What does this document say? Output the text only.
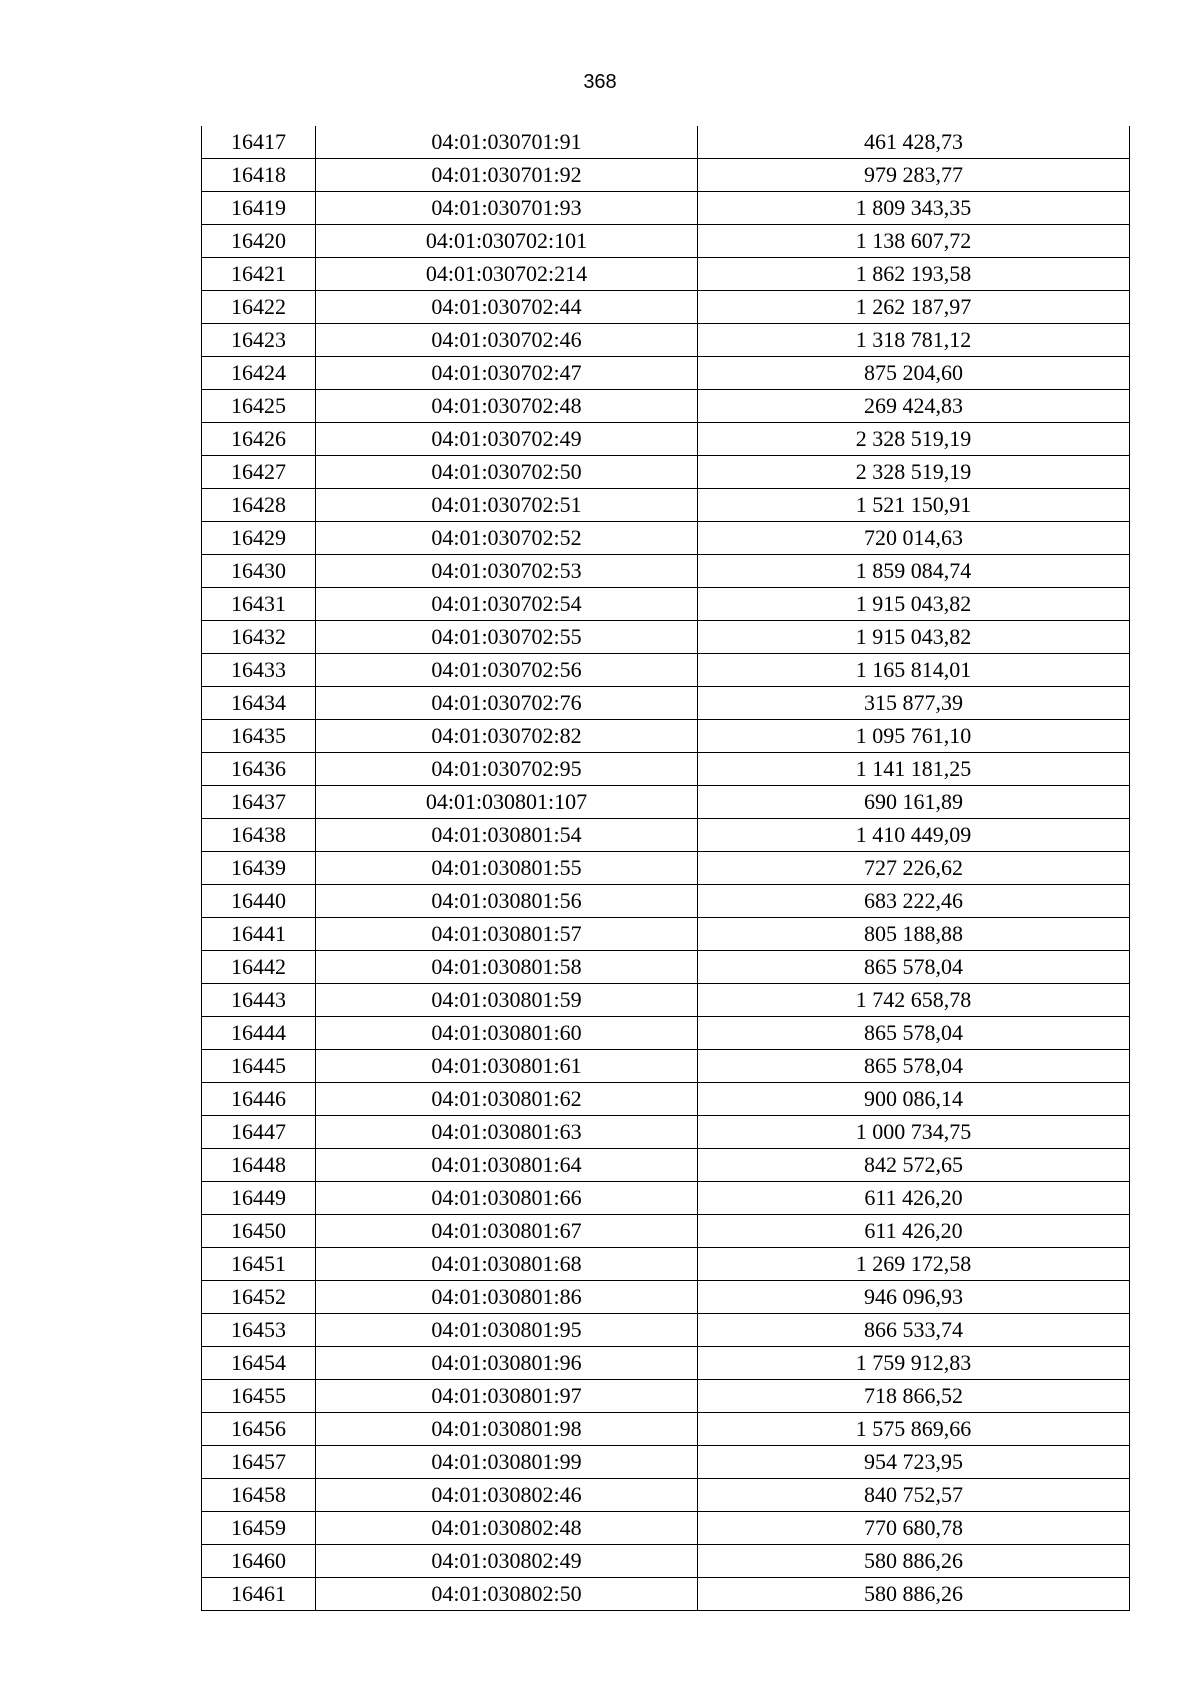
368
16417	04:01:030701:91	461 428,73
16418	04:01:030701:92	979 283,77
16419	04:01:030701:93	1 809 343,35
16420	04:01:030702:101	1 138 607,72
16421	04:01:030702:214	1 862 193,58
16422	04:01:030702:44	1 262 187,97
16423	04:01:030702:46	1 318 781,12
16424	04:01:030702:47	875 204,60
16425	04:01:030702:48	269 424,83
16426	04:01:030702:49	2 328 519,19
16427	04:01:030702:50	2 328 519,19
16428	04:01:030702:51	1 521 150,91
16429	04:01:030702:52	720 014,63
16430	04:01:030702:53	1 859 084,74
16431	04:01:030702:54	1 915 043,82
16432	04:01:030702:55	1 915 043,82
16433	04:01:030702:56	1 165 814,01
16434	04:01:030702:76	315 877,39
16435	04:01:030702:82	1 095 761,10
16436	04:01:030702:95	1 141 181,25
16437	04:01:030801:107	690 161,89
16438	04:01:030801:54	1 410 449,09
16439	04:01:030801:55	727 226,62
16440	04:01:030801:56	683 222,46
16441	04:01:030801:57	805 188,88
16442	04:01:030801:58	865 578,04
16443	04:01:030801:59	1 742 658,78
16444	04:01:030801:60	865 578,04
16445	04:01:030801:61	865 578,04
16446	04:01:030801:62	900 086,14
16447	04:01:030801:63	1 000 734,75
16448	04:01:030801:64	842 572,65
16449	04:01:030801:66	611 426,20
16450	04:01:030801:67	611 426,20
16451	04:01:030801:68	1 269 172,58
16452	04:01:030801:86	946 096,93
16453	04:01:030801:95	866 533,74
16454	04:01:030801:96	1 759 912,83
16455	04:01:030801:97	718 866,52
16456	04:01:030801:98	1 575 869,66
16457	04:01:030801:99	954 723,95
16458	04:01:030802:46	840 752,57
16459	04:01:030802:48	770 680,78
16460	04:01:030802:49	580 886,26
16461	04:01:030802:50	580 886,26
